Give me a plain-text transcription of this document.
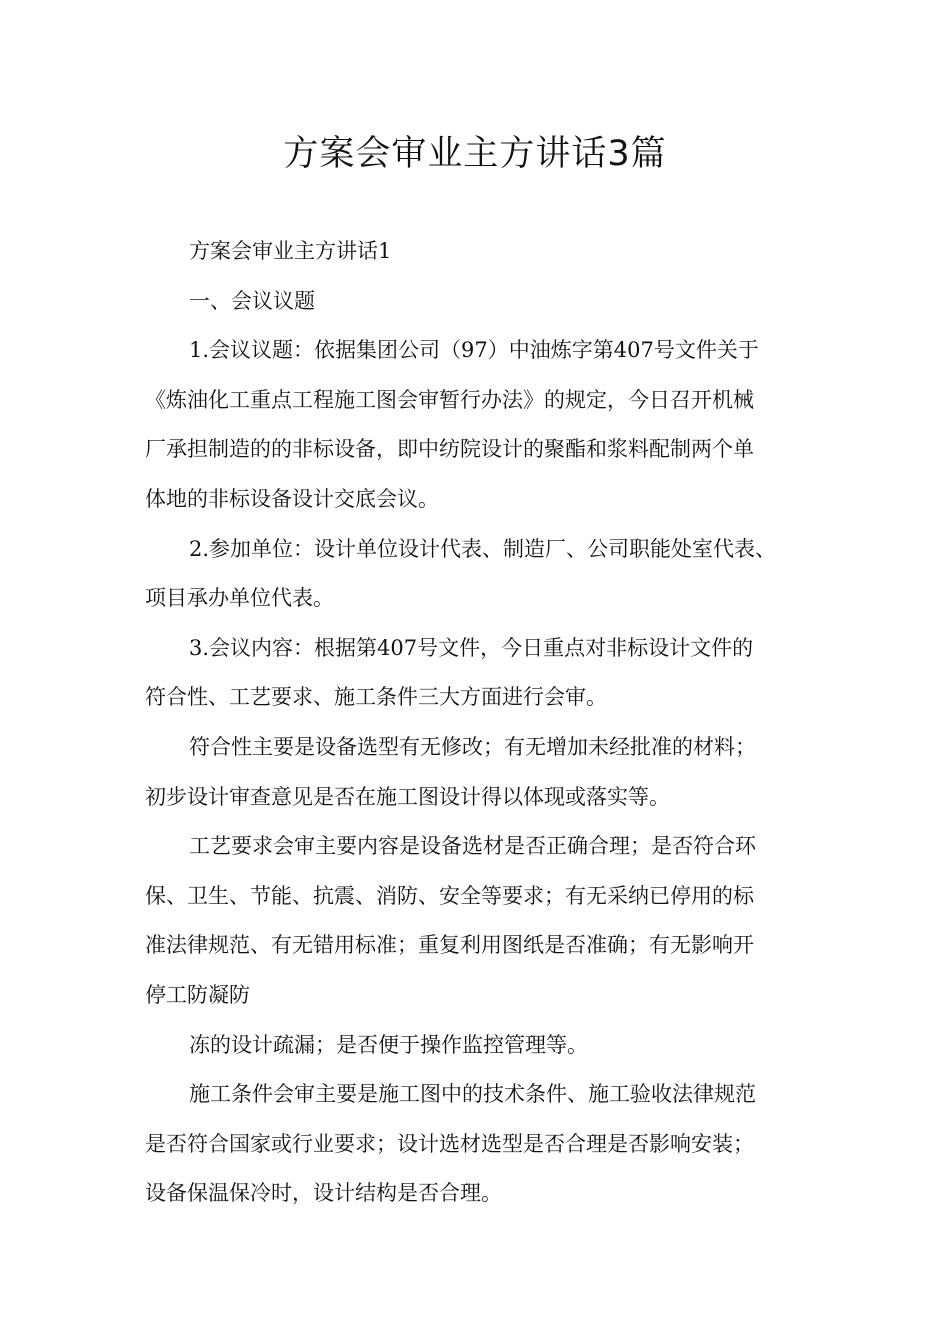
方案会审业主方讲话3篇
方案会审业主方讲话1
一、会议议题
1.会议议题：依据集团公司（97）中油炼字第407号文件关于
《炼油化工重点工程施工图会审暂行办法》的规定，今日召开机械
厂承担制造的的非标设备，即中纺院设计的聚酯和浆料配制两个单
体地的非标设备设计交底会议。
2.参加单位：设计单位设计代表、制造厂、公司职能处室代表、
项目承办单位代表。
3.会议内容：根据第407号文件，今日重点对非标设计文件的
符合性、工艺要求、施工条件三大方面进行会审。
符合性主要是设备选型有无修改；有无增加未经批准的材料；
初步设计审查意见是否在施工图设计得以体现或落实等。
工艺要求会审主要内容是设备选材是否正确合理；是否符合环
保、卫生、节能、抗震、消防、安全等要求；有无采纳已停用的标
准法律规范、有无错用标准；重复利用图纸是否准确；有无影响开
停工防凝防
冻的设计疏漏；是否便于操作监控管理等。
施工条件会审主要是施工图中的技术条件、施工验收法律规范
是否符合国家或行业要求；设计选材选型是否合理是否影响安装；
设备保温保冷时，设计结构是否合理。
